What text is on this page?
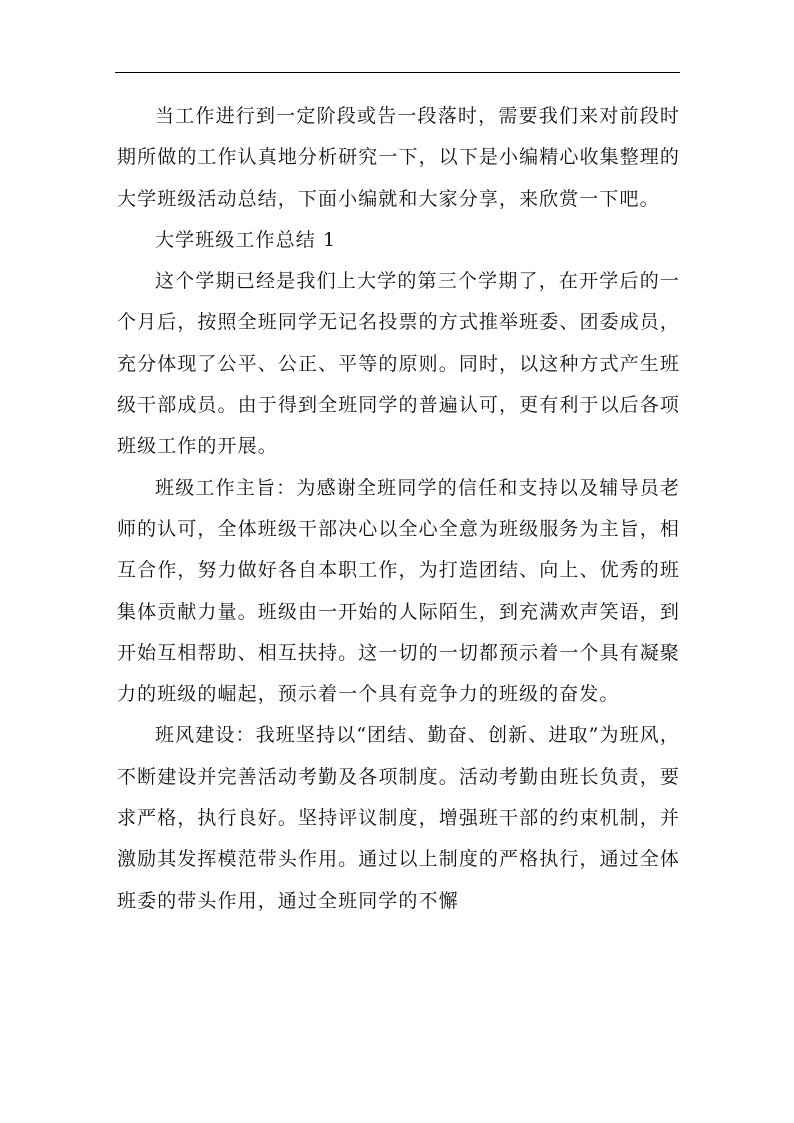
当工作进行到一定阶段或告一段落时，需要我们来对前段时期所做的工作认真地分析研究一下，以下是小编精心收集整理的大学班级活动总结，下面小编就和大家分享，来欣赏一下吧。

大学班级工作总结 1

这个学期已经是我们上大学的第三个学期了，在开学后的一个月后，按照全班同学无记名投票的方式推举班委、团委成员，充分体现了公平、公正、平等的原则。同时，以这种方式产生班级干部成员。由于得到全班同学的普遍认可，更有利于以后各项班级工作的开展。

班级工作主旨：为感谢全班同学的信任和支持以及辅导员老师的认可，全体班级干部决心以全心全意为班级服务为主旨，相互合作，努力做好各自本职工作，为打造团结、向上、优秀的班集体贡献力量。班级由一开始的人际陌生，到充满欢声笑语，到开始互相帮助、相互扶持。这一切的一切都预示着一个具有凝聚力的班级的崛起，预示着一个具有竞争力的班级的奋发。

班风建设：我班坚持以“团结、勤奋、创新、进取”为班风，不断建设并完善活动考勤及各项制度。活动考勤由班长负责，要求严格，执行良好。坚持评议制度，增强班干部的约束机制，并激励其发挥模范带头作用。通过以上制度的严格执行，通过全体班委的带头作用，通过全班同学的不懈
